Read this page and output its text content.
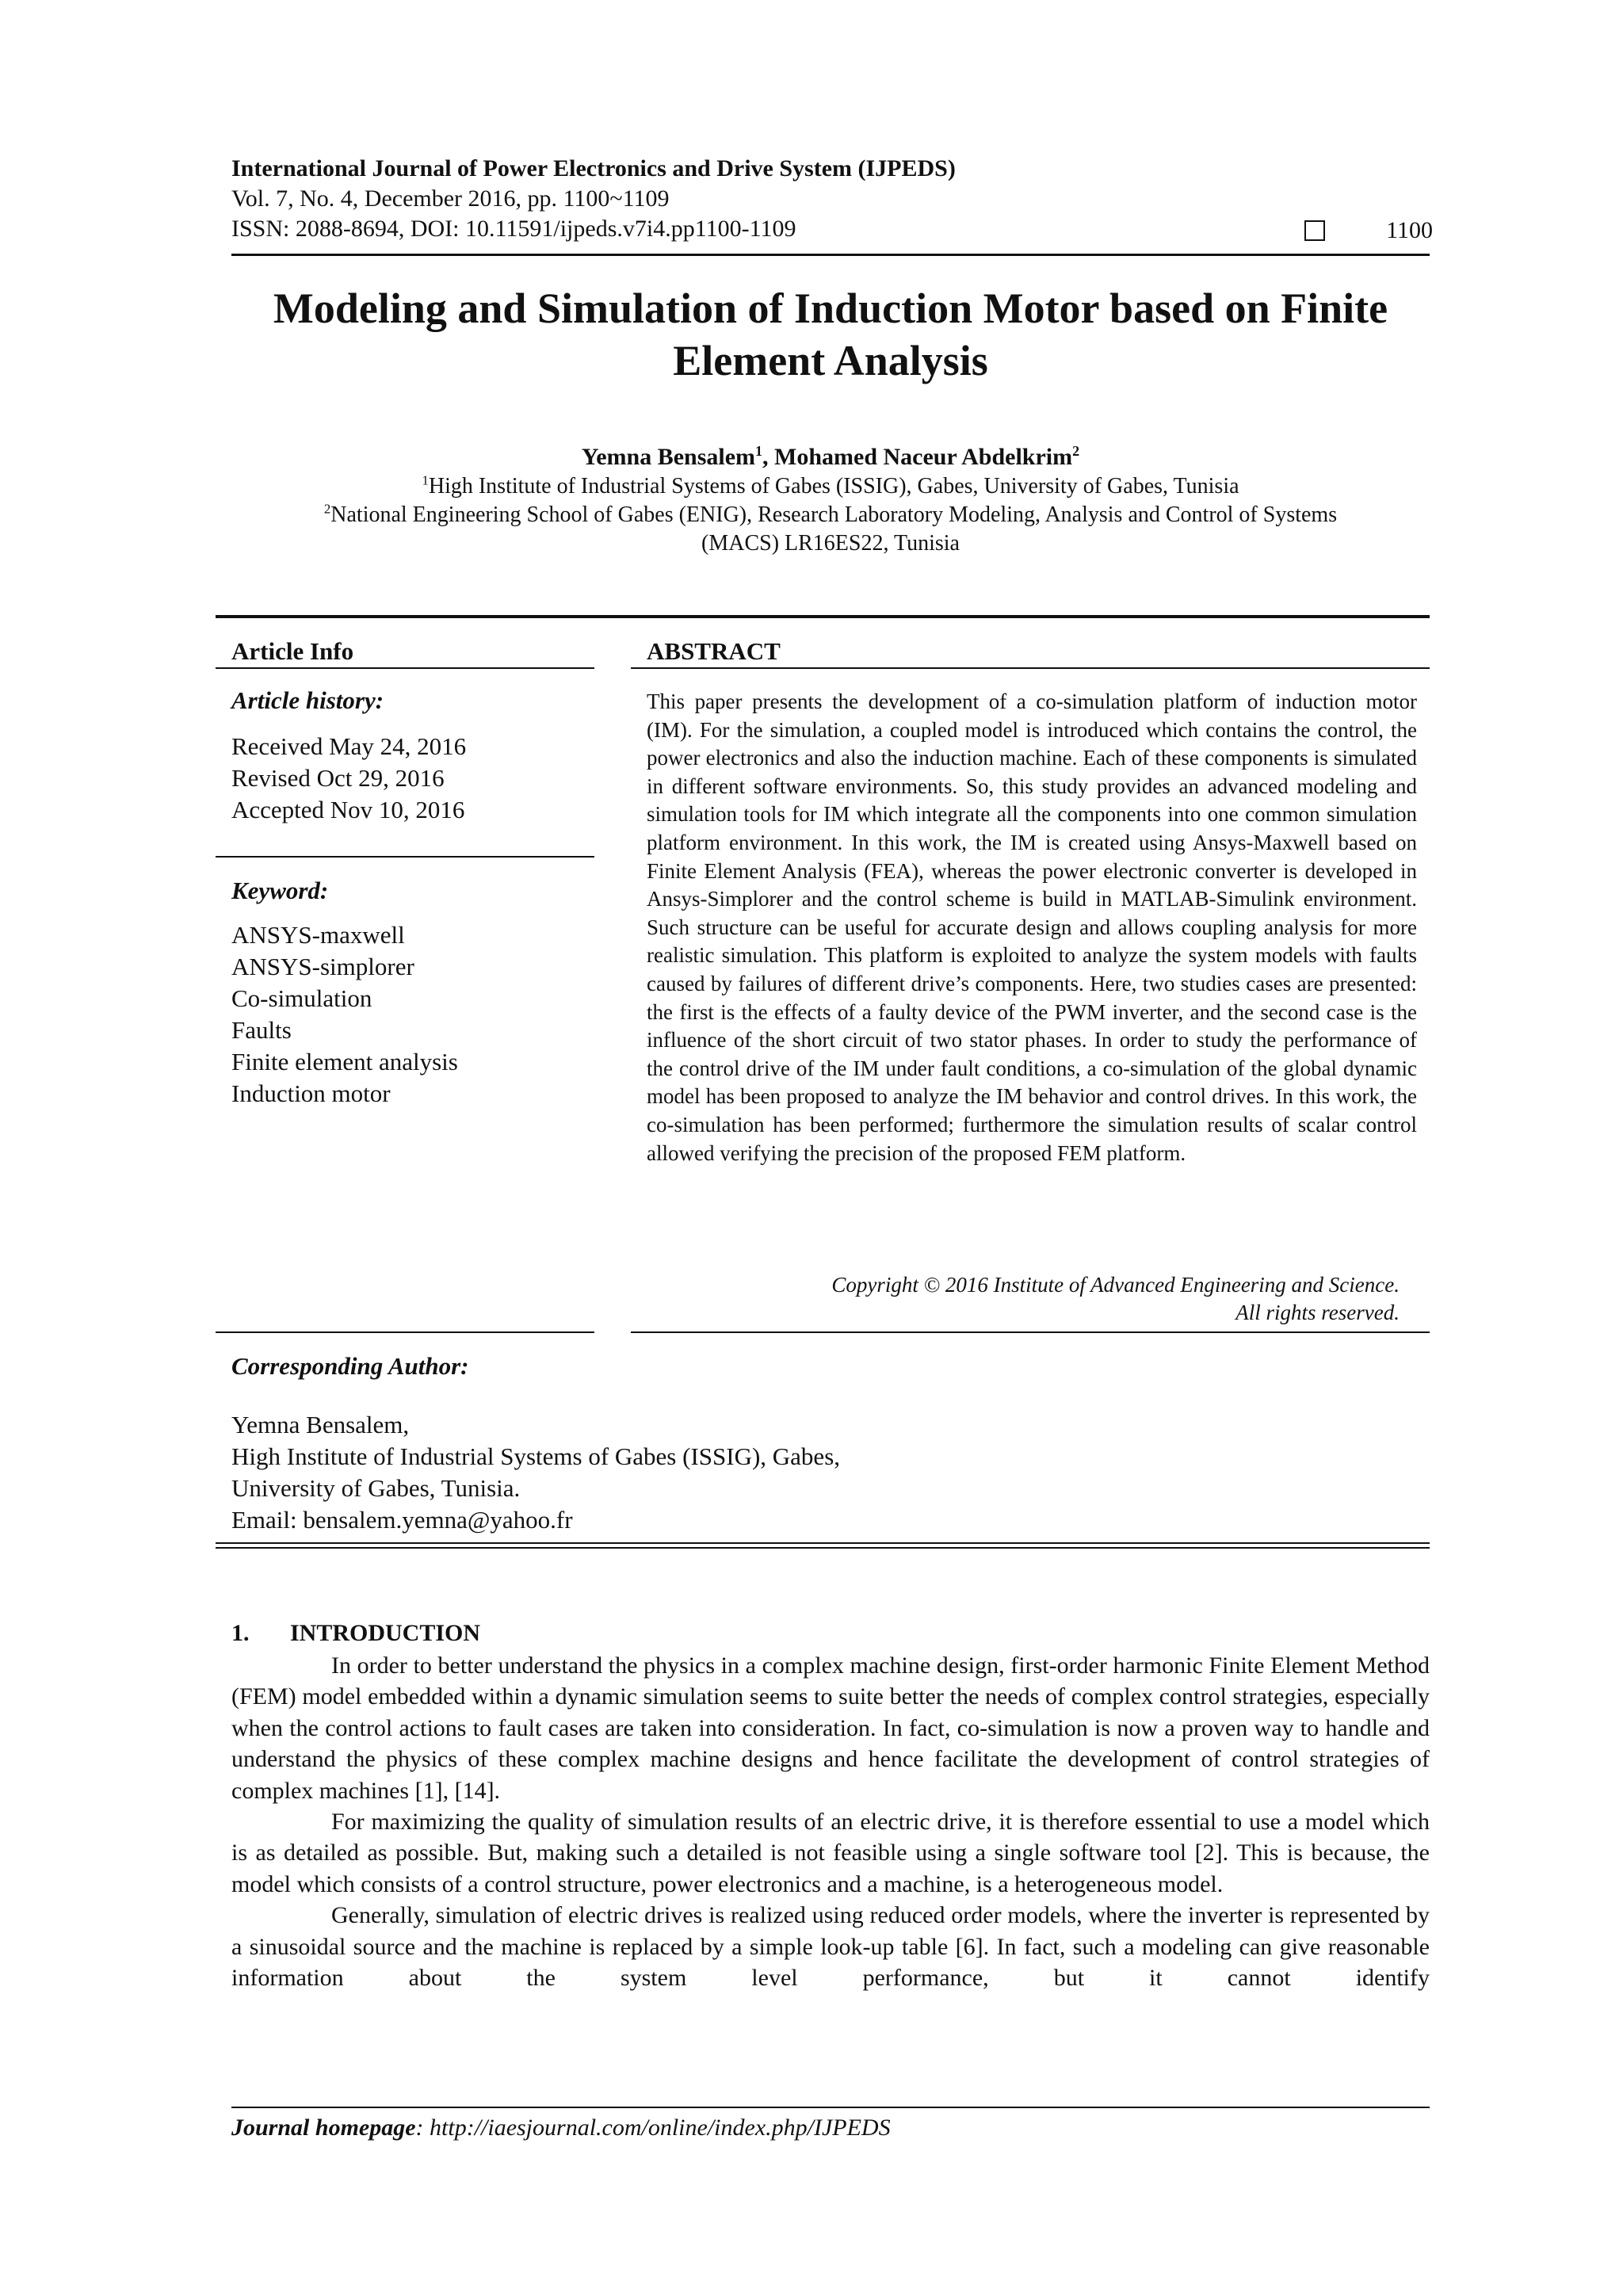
International Journal of Power Electronics and Drive System (IJPEDS)
Vol. 7, No. 4, December 2016, pp. 1100~1109
ISSN: 2088-8694, DOI: 10.11591/ijpeds.v7i4.pp1100-1109	1100
Modeling and Simulation of Induction Motor based on Finite
Element Analysis
Yemna Bensalem$^1$, Mohamed Naceur Abdelkrim$^2$
$^1$High Institute of Industrial Systems of Gabes (ISSIG), Gabes, University of Gabes, Tunisia
$^2$National Engineering School of Gabes (ENIG), Research Laboratory Modeling, Analysis and Control of Systems
(MACS) LR16ES22, Tunisia
Article Info
Article history:
Received May 24, 2016
Revised Oct 29, 2016
Accepted Nov 10, 2016
Keyword:
ANSYS-maxwell
ANSYS-simplorer
Co-simulation
Faults
Finite element analysis
Induction motor
ABSTRACT
This paper presents the development of a co-simulation platform of induction motor (IM). For the simulation, a coupled model is introduced which contains the control, the power electronics and also the induction machine. Each of these components is simulated in different software environments. So, this study provides an advanced modeling and simulation tools for IM which integrate all the components into one common simulation platform environment. In this work, the IM is created using Ansys-Maxwell based on Finite Element Analysis (FEA), whereas the power electronic converter is developed in Ansys-Simplorer and the control scheme is build in MATLAB-Simulink environment. Such structure can be useful for accurate design and allows coupling analysis for more realistic simulation. This platform is exploited to analyze the system models with faults caused by failures of different drive’s components. Here, two studies cases are presented: the first is the effects of a faulty device of the PWM inverter, and the second case is the influence of the short circuit of two stator phases. In order to study the performance of the control drive of the IM under fault conditions, a co-simulation of the global dynamic model has been proposed to analyze the IM behavior and control drives. In this work, the co-simulation has been performed; furthermore the simulation results of scalar control allowed verifying the precision of the proposed FEM platform.
Copyright © 2016 Institute of Advanced Engineering and Science.
All rights reserved.
Corresponding Author:
Yemna Bensalem,
High Institute of Industrial Systems of Gabes (ISSIG), Gabes,
University of Gabes, Tunisia.
Email: bensalem.yemna@yahoo.fr
1. INTRODUCTION

In order to better understand the physics in a complex machine design, first-order harmonic Finite Element Method (FEM) model embedded within a dynamic simulation seems to suite better the needs of complex control strategies, especially when the control actions to fault cases are taken into consideration. In fact, co-simulation is now a proven way to handle and understand the physics of these complex machine designs and hence facilitate the development of control strategies of complex machines [1], [14].

For maximizing the quality of simulation results of an electric drive, it is therefore essential to use a model which is as detailed as possible. But, making such a detailed is not feasible using a single software tool [2]. This is because, the model which consists of a control structure, power electronics and a machine, is a heterogeneous model.

Generally, simulation of electric drives is realized using reduced order models, where the inverter is represented by a sinusoidal source and the machine is replaced by a simple look-up table [6]. In fact, such a modeling can give reasonable information about the system level performance, but it cannot identify

Journal homepage: http://iaesjournal.com/online/index.php/IJPEDS
